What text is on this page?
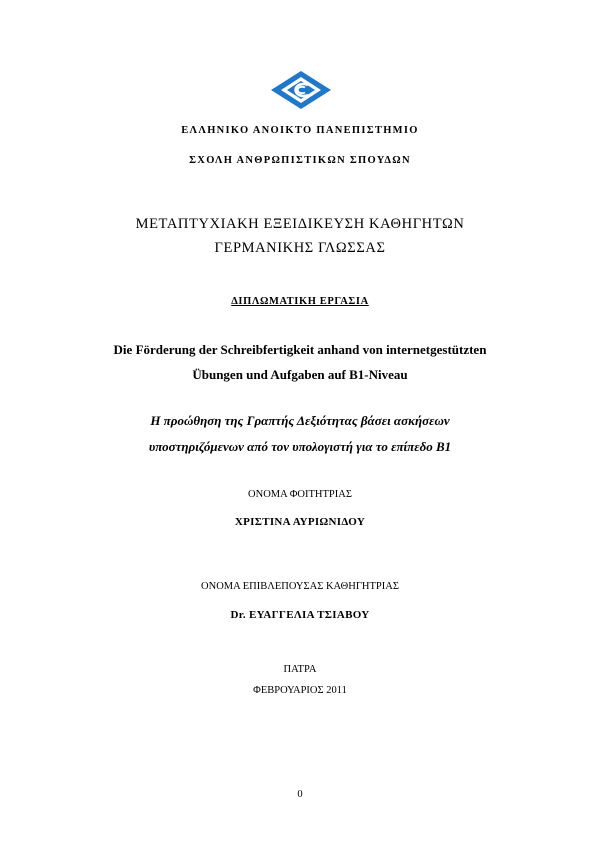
ΕΛΛΗΝΙΚΟ ΑΝΟΙΚΤΟ ΠΑΝΕΠΙΣΤΗΜΙΟ
ΣΧΟΛΗ ΑΝΘΡΩΠΙΣΤΙΚΩΝ ΣΠΟΥΔΩΝ
ΜΕΤΑΠΤΥΧΙΑΚΗ ΕΞΕΙΔΙΚΕΥΣΗ ΚΑΘΗΓΗΤΩΝ
ΓΕΡΜΑΝΙΚΗΣ ΓΛΩΣΣΑΣ
ΔΙΠΛΩΜΑΤΙΚΗ ΕΡΓΑΣΙΑ
Die Förderung der Schreibfertigkeit anhand von internetgestützten
Übungen und Aufgaben auf B1-Niveau
Η προώθηση της Γραπτής Δεξιότητας βάσει ασκήσεων
υποστηριζόμενων από τον υπολογιστή για το επίπεδο Β1
ΟΝΟΜΑ ΦΟΙΤΗΤΡΙΑΣ
ΧΡΙΣΤΙΝΑ ΑΥΡΙΩΝΙΔΟΥ
ΟΝΟΜΑ ΕΠΙΒΛΕΠΟΥΣΑΣ ΚΑΘΗΓΗΤΡΙΑΣ
Dr. ΕΥΑΓΓΕΛΙΑ ΤΣΙΑΒΟΥ
ΠΑΤΡΑ
ΦΕΒΡΟΥΑΡΙΟΣ 2011
0
